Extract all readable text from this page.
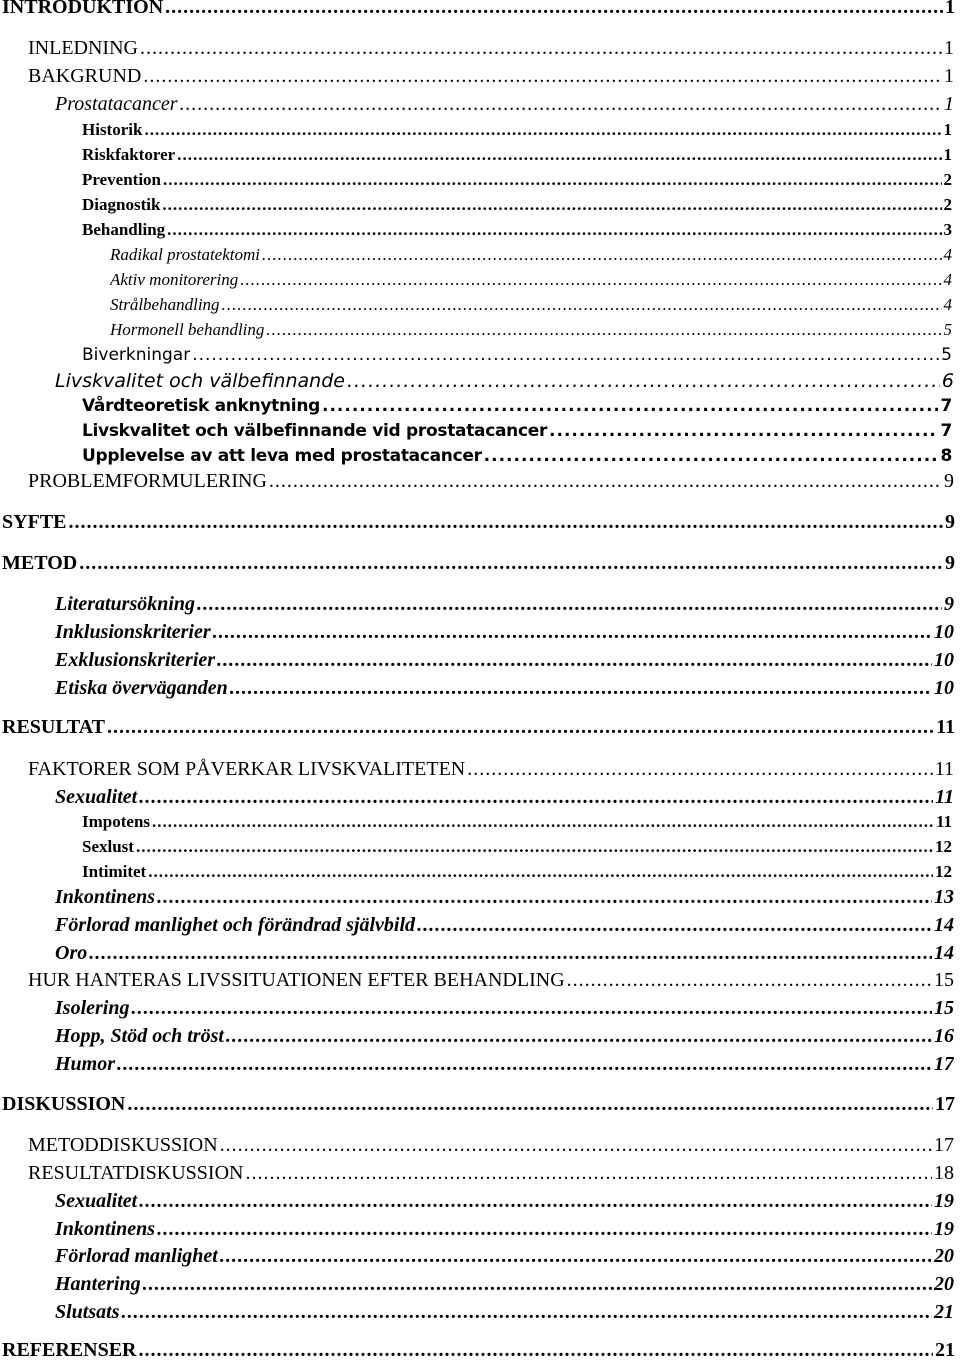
INTRODUKTION .....	1
INLEDNING .....	1
BAKGRUND .....	1
Prostatacancer .....	1
Historik .....	1
Riskfaktorer .....	1
Prevention .....	2
Diagnostik .....	2
Behandling .....	3
Radikal prostatektomi .....	4
Aktiv monitorering .....	4
Strålbehandling .....	4
Hormonell behandling .....	5
Biverkningar .....	5
Livskvalitet och välbefinnande .....	6
Vårdteoretisk anknytning .....	7
Livskvalitet och välbefinnande vid prostatacancer .....	7
Upplevelse av att leva med prostatacancer .....	8
PROBLEMFORMULERING .....	9
SYFTE .....	9
METOD .....	9
Literatursökning .....	9
Inklusionskriterier .....	10
Exklusionskriterier .....	10
Etiska överväganden .....	10
RESULTAT .....	11
FAKTORER SOM PÅVERKAR LIVSKVALITETEN .....	11
Sexualitet .....	11
Impotens .....	11
Sexlust .....	12
Intimitet .....	12
Inkontinens .....	13
Förlorad manlighet och förändrad självbild .....	14
Oro .....	14
HUR HANTERAS LIVSSITUATIONEN EFTER BEHANDLING .....	15
Isolering .....	15
Hopp, Stöd och tröst .....	16
Humor .....	17
DISKUSSION .....	17
METODDISKUSSION .....	17
RESULTATDISKUSSION .....	18
Sexualitet .....	19
Inkontinens .....	19
Förlorad manlighet .....	20
Hantering .....	20
Slutsats .....	21
REFERENSER .....	21
